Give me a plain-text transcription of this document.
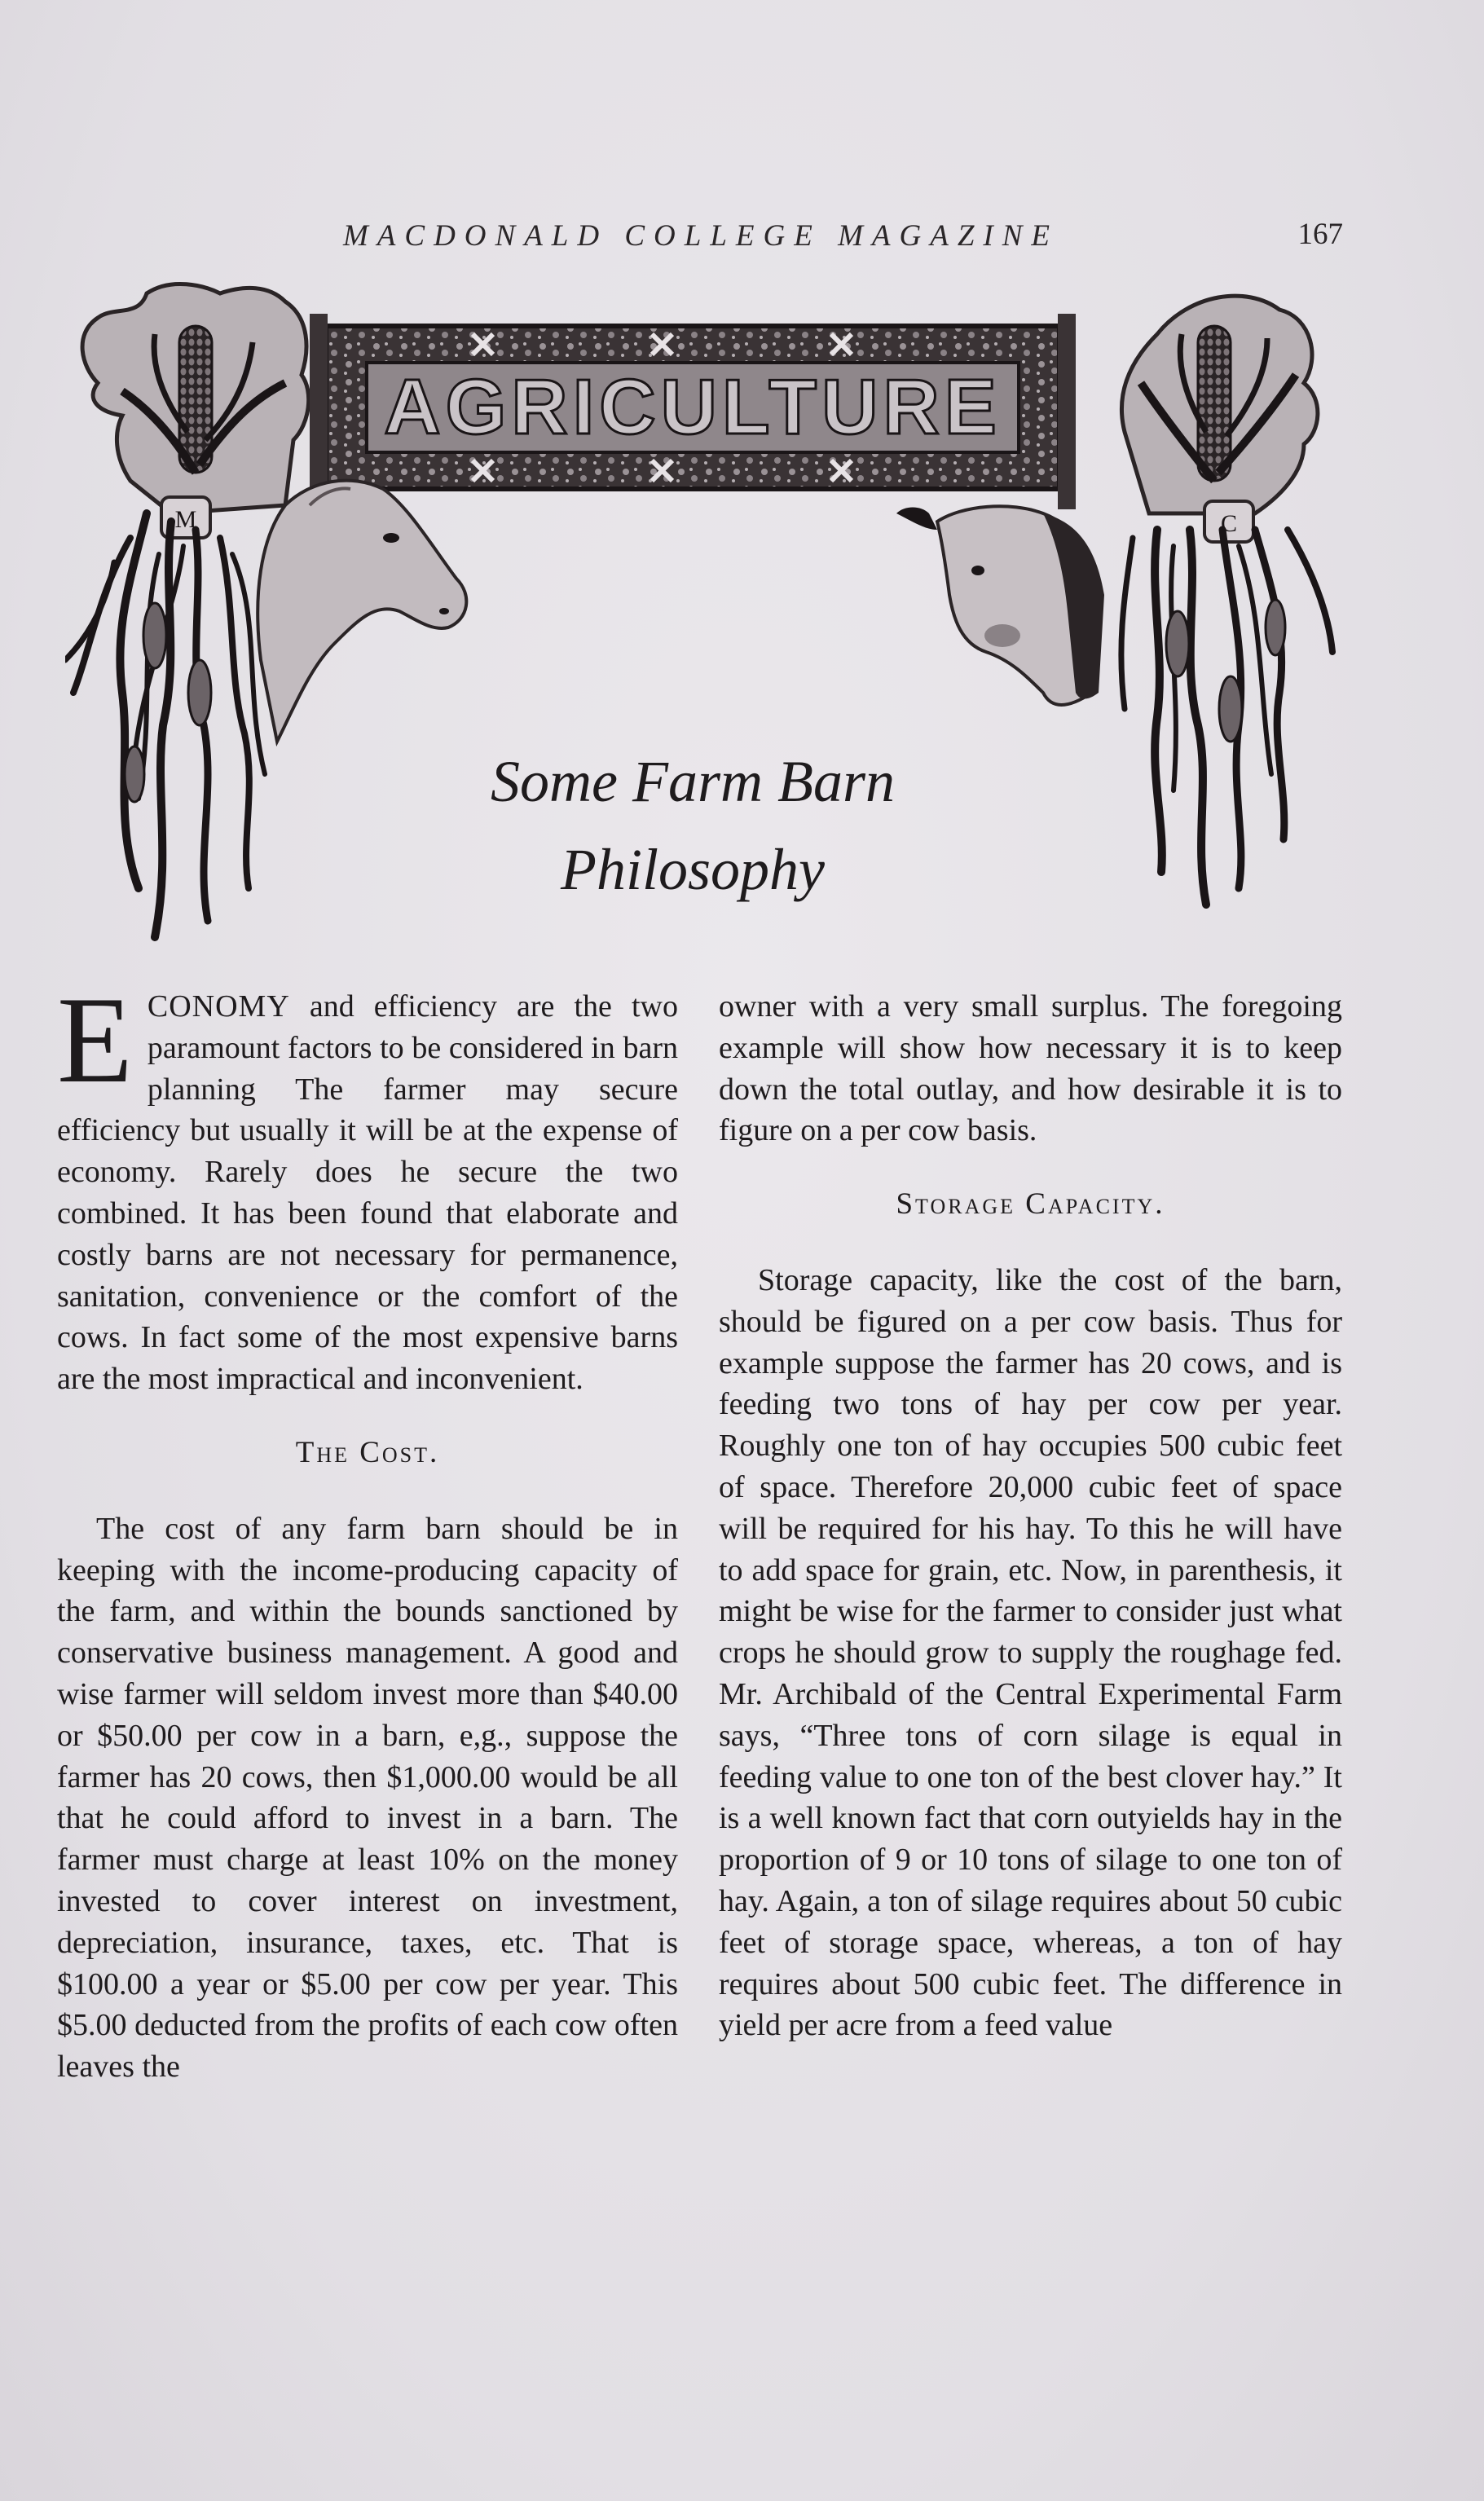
MACDONALD COLLEGE MAGAZINE	167
M	C
AGRICULTURE
Some Farm Barn
Philosophy

ECONOMY and efficiency are the two paramount factors to be considered in barn planning The farmer may secure efficiency but usually it will be at the expense of economy. Rarely does he secure the two combined. It has been found that elaborate and costly barns are not necessary for permanence, sanitation, convenience or the comfort of the cows. In fact some of the most expensive barns are the most impractical and inconvenient.

The Cost.

The cost of any farm barn should be in keeping with the income-producing capacity of the farm, and within the bounds sanctioned by conservative business management. A good and wise farmer will seldom invest more than $40.00 or $50.00 per cow in a barn, e,g., suppose the farmer has 20 cows, then $1,000.00 would be all that he could afford to invest in a barn. The farmer must charge at least 10% on the money invested to cover interest on investment, depreciation, insurance, taxes, etc. That is $100.00 a year or $5.00 per cow per year. This $5.00 deducted from the profits of each cow often leaves the

owner with a very small surplus. The foregoing example will show how necessary it is to keep down the total outlay, and how desirable it is to figure on a per cow basis.

Storage Capacity.

Storage capacity, like the cost of the barn, should be figured on a per cow basis. Thus for example suppose the farmer has 20 cows, and is feeding two tons of hay per cow per year. Roughly one ton of hay occupies 500 cubic feet of space. Therefore 20,000 cubic feet of space will be required for his hay. To this he will have to add space for grain, etc. Now, in parenthesis, it might be wise for the farmer to consider just what crops he should grow to supply the roughage fed. Mr. Archibald of the Central Experimental Farm says, “Three tons of corn silage is equal in feeding value to one ton of the best clover hay.” It is a well known fact that corn outyields hay in the proportion of 9 or 10 tons of silage to one ton of hay. Again, a ton of silage requires about 50 cubic feet of storage space, whereas, a ton of hay requires about 500 cubic feet. The difference in yield per acre from a feed value
